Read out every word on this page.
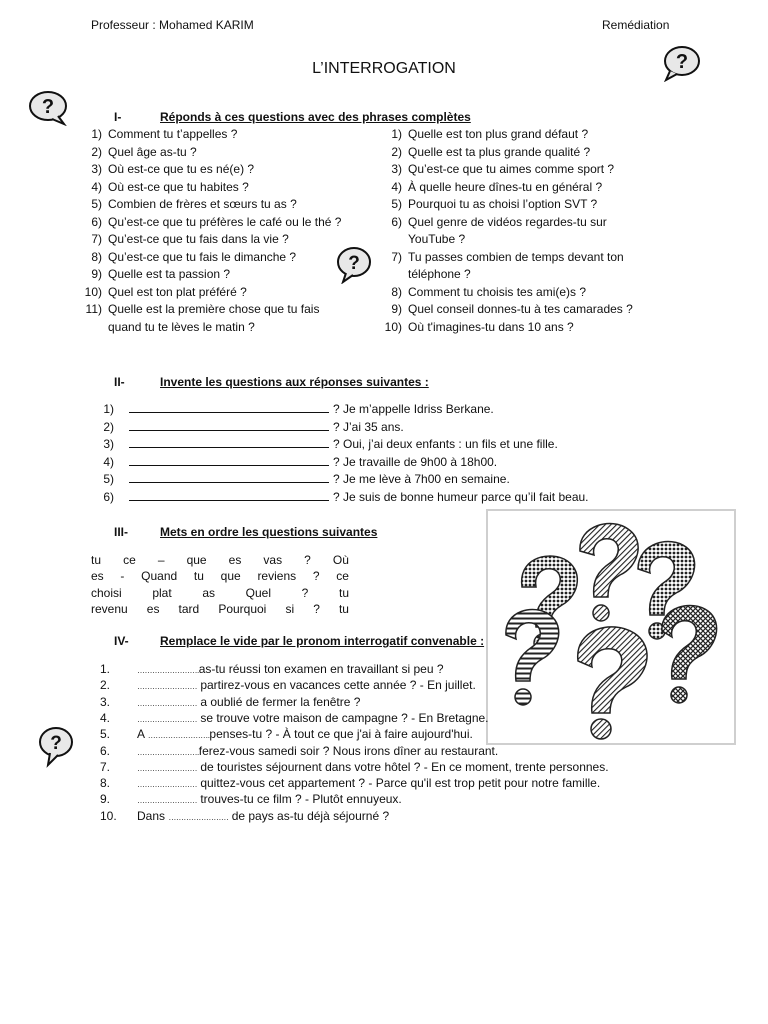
Professeur : Mohamed KARIM	Remédiation
L’INTERROGATION	?
?
?
?
I-	Réponds à ces questions avec des phrases complètes
1) Comment tu t’appelles ?
2) Quel âge as-tu ?
3) Où est-ce que tu es né(e) ?
4) Où est-ce que tu habites ?
5) Combien de frères et sœurs tu as ?
6) Qu’est-ce que tu préfères le café ou le thé ?
7) Qu’est-ce que tu fais dans la vie ?
8) Qu’est-ce que tu fais le dimanche ?
9) Quelle est ta passion ?
10) Quel est ton plat préféré ?
11) Quelle est la première chose que tu fais
quand tu te lèves le matin ?
1) Quelle est ton plus grand défaut ?
2) Quelle est ta plus grande qualité ?
3) Qu’est-ce que tu aimes comme sport ?
4) À quelle heure dînes-tu en général ?
5) Pourquoi tu as choisi l’option SVT ?
6) Quel genre de vidéos regardes-tu sur
YouTube ?
7) Tu passes combien de temps devant ton
téléphone ?
8) Comment tu choisis tes ami(e)s ?
9) Quel conseil donnes-tu à tes camarades ?
10) Où t'imagines-tu dans 10 ans ?
II-	Invente les questions aux réponses suivantes :
1)	? Je m’appelle Idriss Berkane.
2)	? J’ai 35 ans.
3)	? Oui, j’ai deux enfants : un fils et une fille.
4)	? Je travaille de 9h00 à 18h00.
5)	? Je me lève à 7h00 en semaine.
6)	? Je suis de bonne humeur parce qu’il fait beau.
III-	Mets en ordre les questions suivantes
tu ce – que es vas ? Où
es - Quand tu que reviens ? ce
choisi	plat	as	Quel	?	tu
revenu es tard Pourquoi si ? tu
IV-	Remplace le vide par le pronom interrogatif convenable :
1.	…………………….as-tu réussi ton examen en travaillant si peu ?
2.	…………………… partirez-vous en vacances cette année ? - En juillet.
3.	…………………… a oublié de fermer la fenêtre ?
4.	…………………… se trouve votre maison de campagne ? - En Bretagne.
5. A …………………….penses-tu ? - À tout ce que j'ai à faire aujourd'hui.
6.	…………………….ferez-vous samedi soir ? Nous irons dîner au restaurant.
7.	…………………… de touristes séjournent dans votre hôtel ? - En ce moment, trente personnes.
8.	…………………… quittez-vous cet appartement ? - Parce qu'il est trop petit pour notre famille.
9.	…………………… trouves-tu ce film ? - Plutôt ennuyeux.
10. Dans …………………… de pays as-tu déjà séjourné ?
